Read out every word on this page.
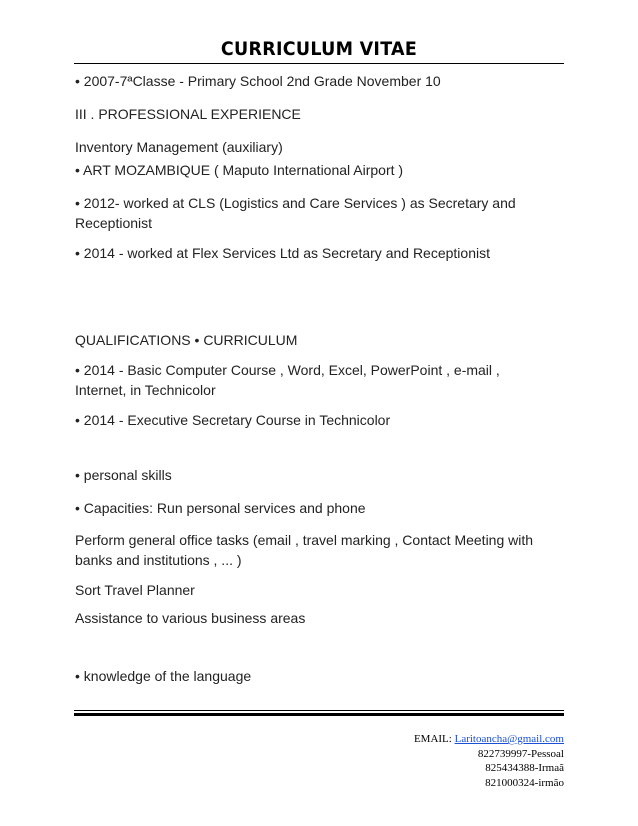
CURRICULUM VITAE
• 2007-7ªClasse - Primary School 2nd Grade November 10
III . PROFESSIONAL EXPERIENCE
Inventory Management (auxiliary)
• ART MOZAMBIQUE ( Maputo International Airport )
• 2012- worked at CLS (Logistics and Care Services ) as Secretary and
Receptionist
• 2014 - worked at Flex Services Ltd as Secretary and Receptionist
QUALIFICATIONS • CURRICULUM
• 2014 - Basic Computer Course , Word, Excel, PowerPoint , e-mail ,
Internet, in Technicolor
• 2014 - Executive Secretary Course in Technicolor
• personal skills
• Capacities: Run personal services and phone
Perform general office tasks (email , travel marking , Contact Meeting with
banks and institutions , ... )
Sort Travel Planner
Assistance to various business areas
• knowledge of the language
EMAIL: Laritoancha@gmail.com
822739997-Pessoal
825434388-Irmaã
821000324-irmão
